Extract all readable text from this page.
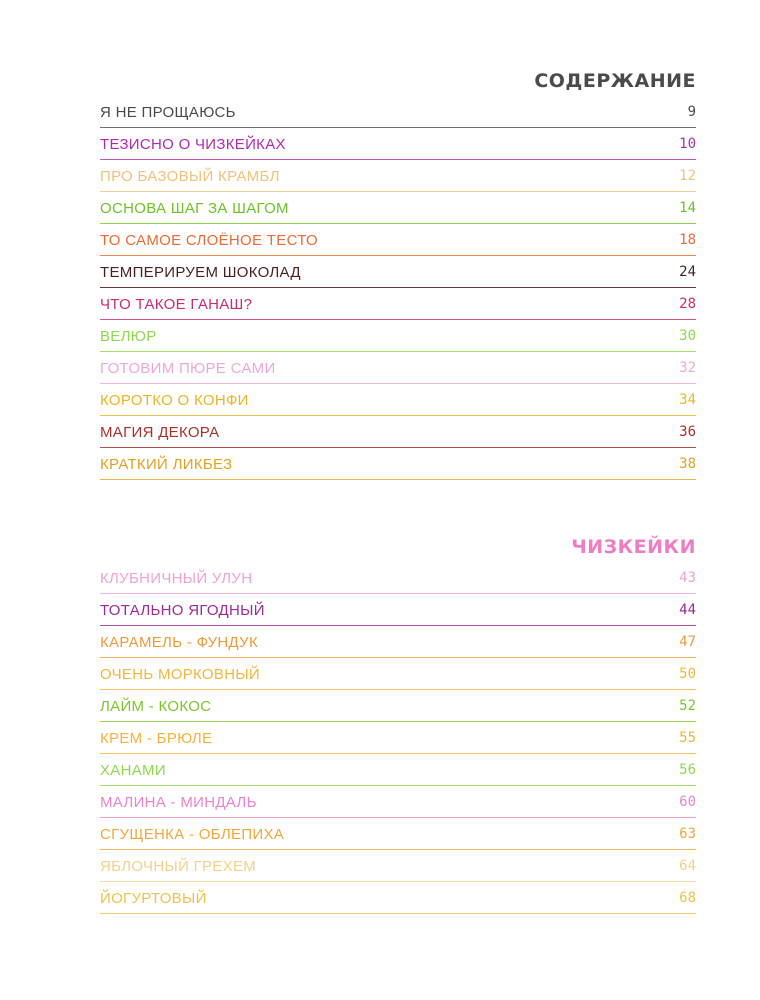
СОДЕРЖАНИЕ
Я НЕ ПРОЩАЮСЬ	9
ТЕЗИСНО О ЧИЗКЕЙКАХ	10
ПРО БАЗОВЫЙ КРАМБЛ	12
ОСНОВА ШАГ ЗА ШАГОМ	14
ТО САМОЕ СЛОЁНОЕ ТЕСТО	18
ТЕМПЕРИРУЕМ ШОКОЛАД	24
ЧТО ТАКОЕ ГАНАШ?	28
ВЕЛЮР	30
ГОТОВИМ ПЮРЕ САМИ	32
КОРОТКО О КОНФИ	34
МАГИЯ ДЕКОРА	36
КРАТКИЙ ЛИКБЕЗ	38
ЧИЗКЕЙКИ
КЛУБНИЧНЫЙ УЛУН	43
ТОТАЛЬНО ЯГОДНЫЙ	44
КАРАМЕЛЬ - ФУНДУК	47
ОЧЕНЬ МОРКОВНЫЙ	50
ЛАЙМ - КОКОС	52
КРЕМ - БРЮЛЕ	55
ХАНАМИ	56
МАЛИНА - МИНДАЛЬ	60
СГУЩЕНКА - ОБЛЕПИХА	63
ЯБЛОЧНЫЙ ГРЕХЕМ	64
ЙОГУРТОВЫЙ	68
